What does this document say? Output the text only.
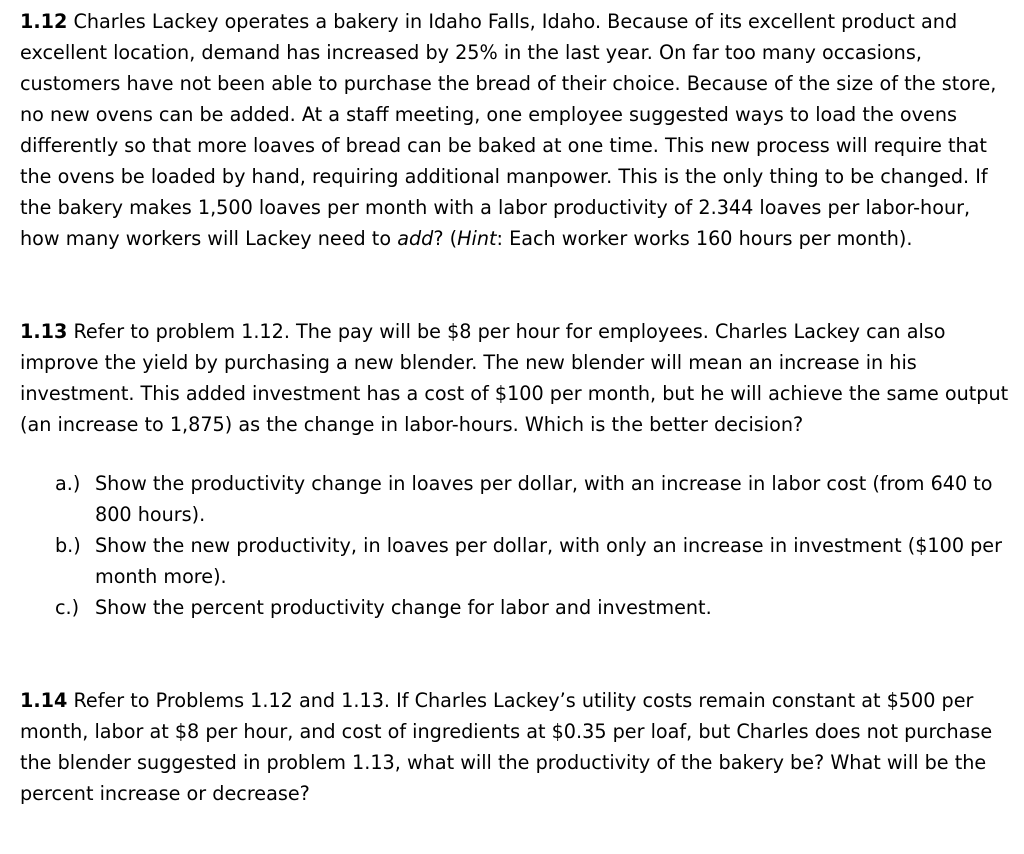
1.12 Charles Lackey operates a bakery in Idaho Falls, Idaho. Because of its excellent product and excellent location, demand has increased by 25% in the last year. On far too many occasions, customers have not been able to purchase the bread of their choice. Because of the size of the store, no new ovens can be added. At a staff meeting, one employee suggested ways to load the ovens differently so that more loaves of bread can be baked at one time. This new process will require that the ovens be loaded by hand, requiring additional manpower. This is the only thing to be changed. If the bakery makes 1,500 loaves per month with a labor productivity of 2.344 loaves per labor-hour, how many workers will Lackey need to add? (Hint: Each worker works 160 hours per month).

1.13 Refer to problem 1.12. The pay will be $8 per hour for employees. Charles Lackey can also improve the yield by purchasing a new blender. The new blender will mean an increase in his investment. This added investment has a cost of $100 per month, but he will achieve the same output (an increase to 1,875) as the change in labor-hours. Which is the better decision?

a.) Show the productivity change in loaves per dollar, with an increase in labor cost (from 640 to 800 hours).
b.) Show the new productivity, in loaves per dollar, with only an increase in investment ($100 per month more).
c.) Show the percent productivity change for labor and investment.

1.14 Refer to Problems 1.12 and 1.13. If Charles Lackey’s utility costs remain constant at $500 per month, labor at $8 per hour, and cost of ingredients at $0.35 per loaf, but Charles does not purchase the blender suggested in problem 1.13, what will the productivity of the bakery be? What will be the percent increase or decrease?
